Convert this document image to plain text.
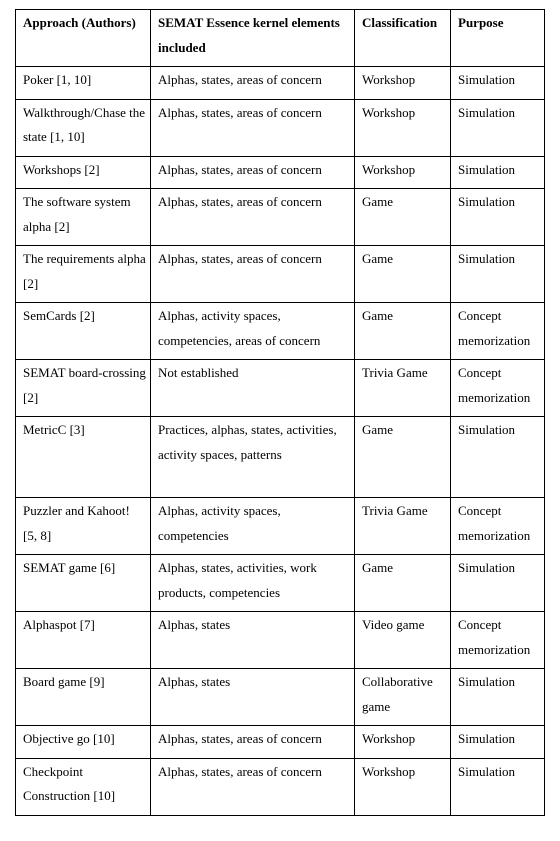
Approach (Authors)	SEMAT Essence kernel elements included	Classification	Purpose
Poker [1, 10]	Alphas, states, areas of concern	Workshop	Simulation
Walkthrough/Chase the state [1, 10]	Alphas, states, areas of concern	Workshop	Simulation
Workshops [2]	Alphas, states, areas of concern	Workshop	Simulation
The software system alpha [2]	Alphas, states, areas of concern	Game	Simulation
The requirements alpha [2]	Alphas, states, areas of concern	Game	Simulation
SemCards [2]	Alphas, activity spaces, competencies, areas of concern	Game	Concept memorization
SEMAT board-crossing [2]	Not established	Trivia Game	Concept memorization
MetricC [3]	Practices, alphas, states, activities, activity spaces, patterns	Game	Simulation
Puzzler and Kahoot! [5, 8]	Alphas, activity spaces, competencies	Trivia Game	Concept memorization
SEMAT game [6]	Alphas, states, activities, work products, competencies	Game	Simulation
Alphaspot [7]	Alphas, states	Video game	Concept memorization
Board game [9]	Alphas, states	Collaborative game	Simulation
Objective go [10]	Alphas, states, areas of concern	Workshop	Simulation
Checkpoint Construction [10]	Alphas, states, areas of concern	Workshop	Simulation
